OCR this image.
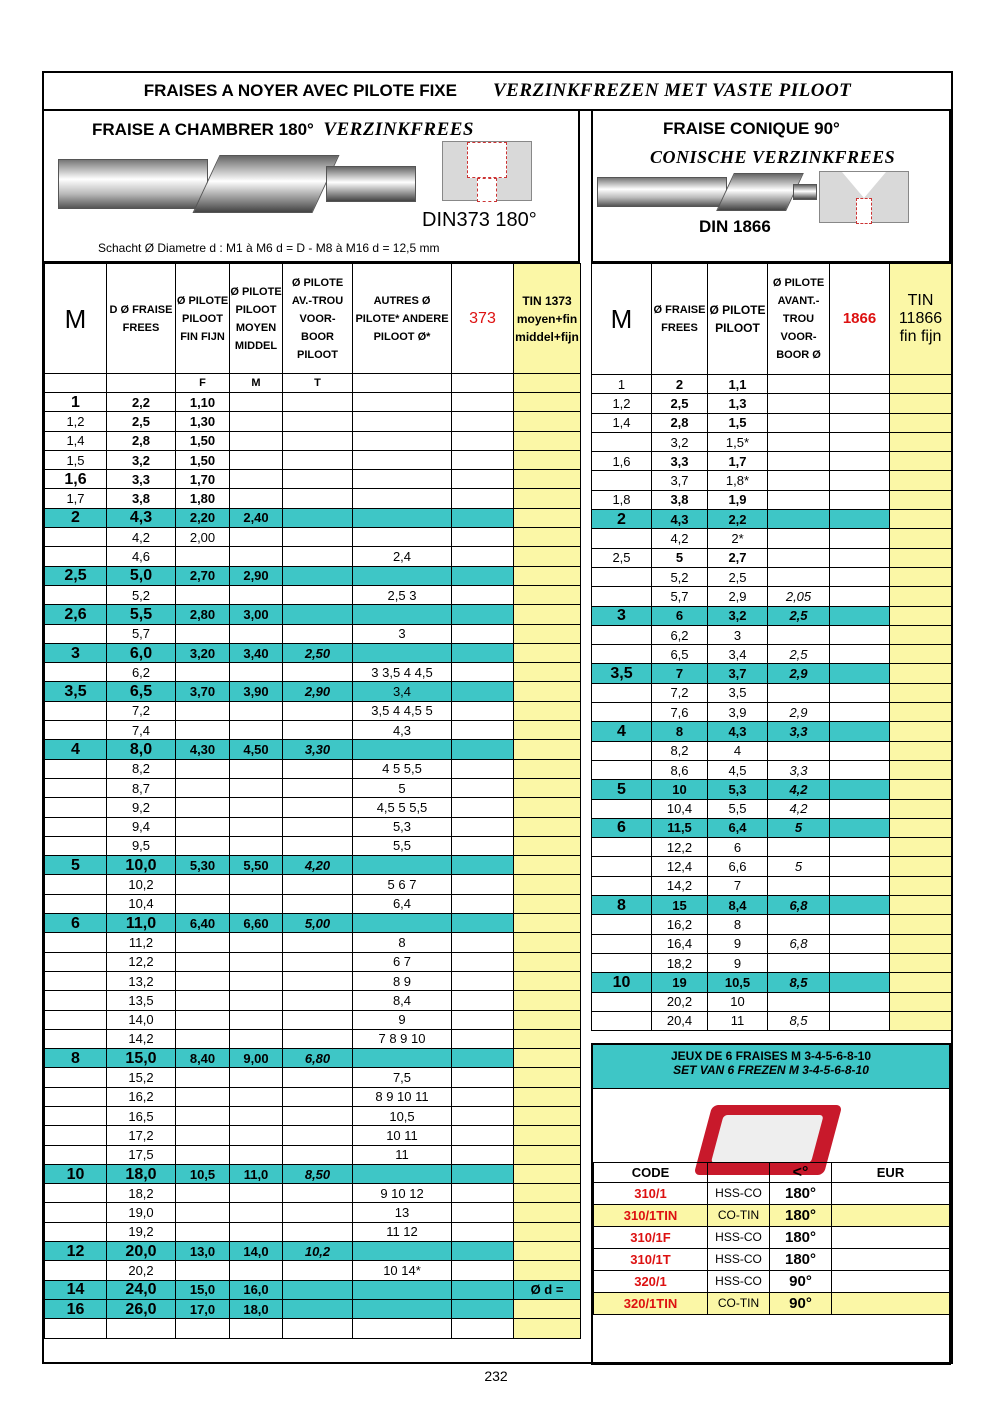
FRAISES A NOYER AVEC PILOTE FIXE VERZINKFREZEN MET VASTE PILOOT
FRAISE A CHAMBRER 180° VERZINKFREES
DIN373 180°
Schacht Ø Diametre d : M1 à M6 d = D - M8 à M16 d = 12,5 mm
FRAISE CONIQUE 90°
CONISCHE VERZINKFREES
DIN 1866
M	D Ø FRAISE FREES	Ø PILOTE PILOOT FIN FIJN	Ø PILOTE PILOOT MOYEN MIDDEL	Ø PILOTE AV.-TROU VOOR-BOOR PILOOT	AUTRES Ø PILOTE* ANDERE PILOOT Ø*	373	TIN 1373 moyen+fin middel+fijn
		F	M	T			
1	2,2	1,10					
1,2	2,5	1,30					
1,4	2,8	1,50					
1,5	3,2	1,50					
1,6	3,3	1,70					
1,7	3,8	1,80					
2	4,3	2,20	2,40				
	4,2	2,00					
	4,6				2,4		
2,5	5,0	2,70	2,90				
	5,2				2,5 3		
2,6	5,5	2,80	3,00				
	5,7				3		
3	6,0	3,20	3,40	2,50			
	6,2				3 3,5 4 4,5		
3,5	6,5	3,70	3,90	2,90	3,4		
	7,2				3,5 4 4,5 5		
	7,4				4,3		
4	8,0	4,30	4,50	3,30			
	8,2				4 5 5,5		
	8,7				5		
	9,2				4,5 5 5,5		
	9,4				5,3		
	9,5				5,5		
5	10,0	5,30	5,50	4,20			
	10,2				5 6 7		
	10,4				6,4		
6	11,0	6,40	6,60	5,00			
	11,2				8		
	12,2				6 7		
	13,2				8 9		
	13,5				8,4		
	14,0				9		
	14,2				7 8 9 10		
8	15,0	8,40	9,00	6,80			
	15,2				7,5		
	16,2				8 9 10 11		
	16,5				10,5		
	17,2				10 11		
	17,5				11		
10	18,0	10,5	11,0	8,50			
	18,2				9 10 12		
	19,0				13		
	19,2				11 12		
12	20,0	13,0	14,0	10,2			
	20,2				10 14*		
14	24,0	15,0	16,0				Ø d =
16	26,0	17,0	18,0				

M	Ø FRAISE FREES	Ø PILOTE PILOOT	Ø PILOTE AVANT.-TROU VOOR-BOOR Ø	1866	TIN 11866 fin fijn
1	2	1,1			
1,2	2,5	1,3			
1,4	2,8	1,5			
	3,2	1,5*			
1,6	3,3	1,7			
	3,7	1,8*			
1,8	3,8	1,9			
2	4,3	2,2			
	4,2	2*			
2,5	5	2,7			
	5,2	2,5			
	5,7	2,9	2,05		
3	6	3,2	2,5		
	6,2	3			
	6,5	3,4	2,5		
3,5	7	3,7	2,9		
	7,2	3,5			
	7,6	3,9	2,9		
4	8	4,3	3,3		
	8,2	4			
	8,6	4,5	3,3		
5	10	5,3	4,2		
	10,4	5,5	4,2		
6	11,5	6,4	5		
	12,2	6			
	12,4	6,6	5		
	14,2	7			
8	15	8,4	6,8		
	16,2	8			
	16,4	9	6,8		
	18,2	9			
10	19	10,5	8,5		
	20,2	10			
	20,4	11	8,5		
JEUX DE 6 FRAISES M 3-4-5-6-8-10
SET VAN 6 FREZEN M 3-4-5-6-8-10
CODE		<°	EUR
310/1	HSS-CO	180°	
310/1TIN	CO-TIN	180°	
310/1F	HSS-CO	180°	
310/1T	HSS-CO	180°	
320/1	HSS-CO	90°	
320/1TIN	CO-TIN	90°	
232
